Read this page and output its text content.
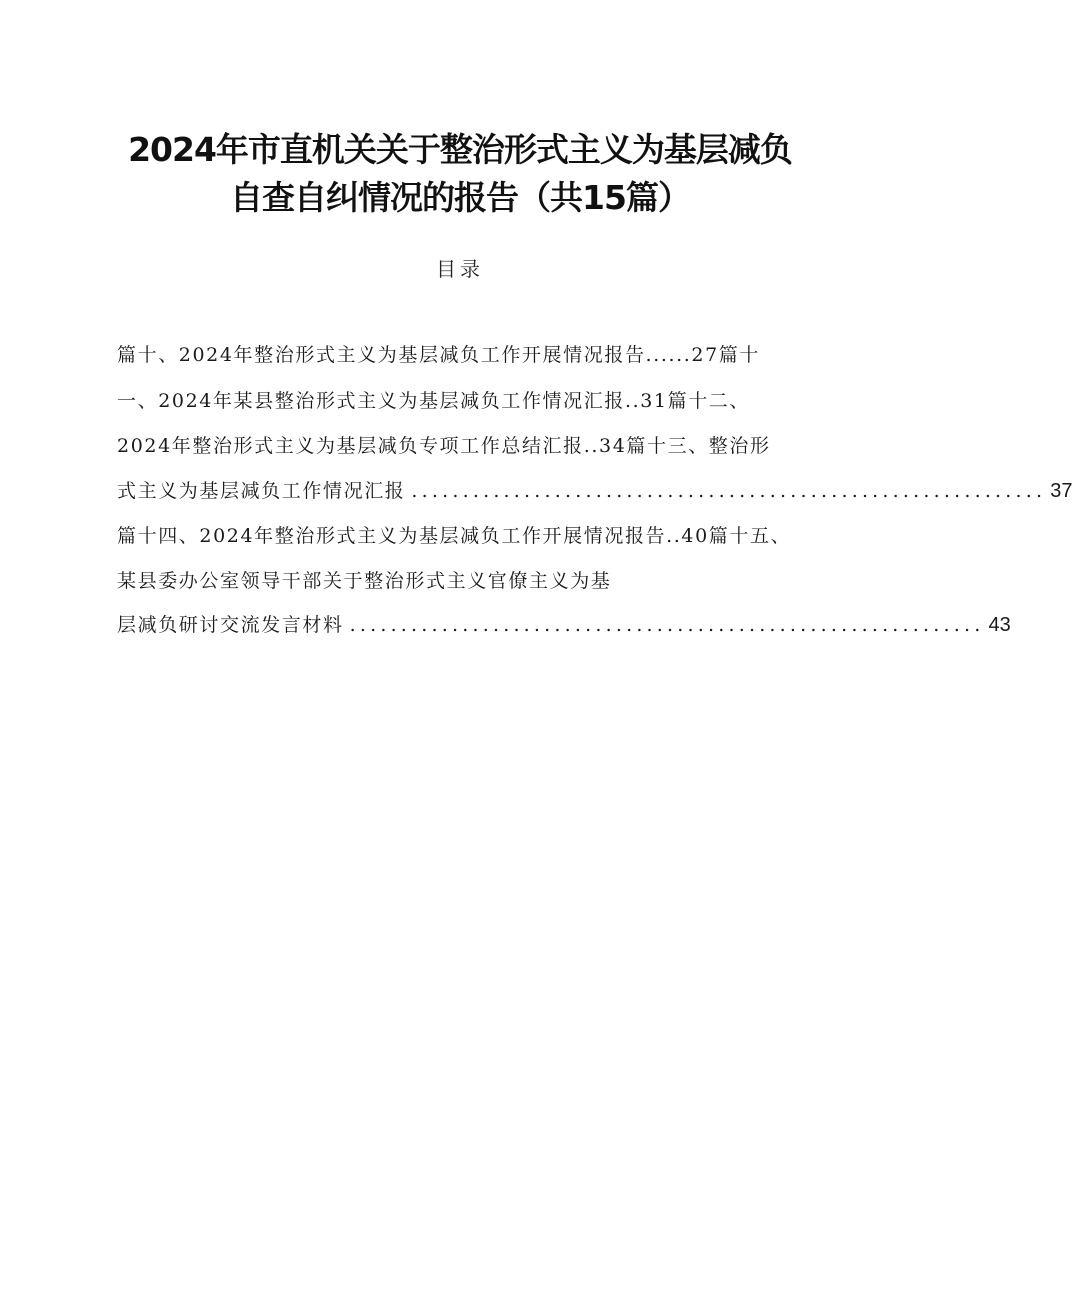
2024年市直机关关于整治形式主义为基层减负
自查自纠情况的报告（共15篇）
目录
篇十、2024年整治形式主义为基层减负工作开展情况报告......27篇十
一、2024年某县整治形式主义为基层减负工作情况汇报..31篇十二、
2024年整治形式主义为基层减负专项工作总结汇报..34篇十三、整治形
式主义为基层减负工作情况汇报 .............................................................. 37
篇十四、2024年整治形式主义为基层减负工作开展情况报告..40篇十五、
某县委办公室领导干部关于整治形式主义官僚主义为基
层减负研讨交流发言材料 .............................................................. 43
